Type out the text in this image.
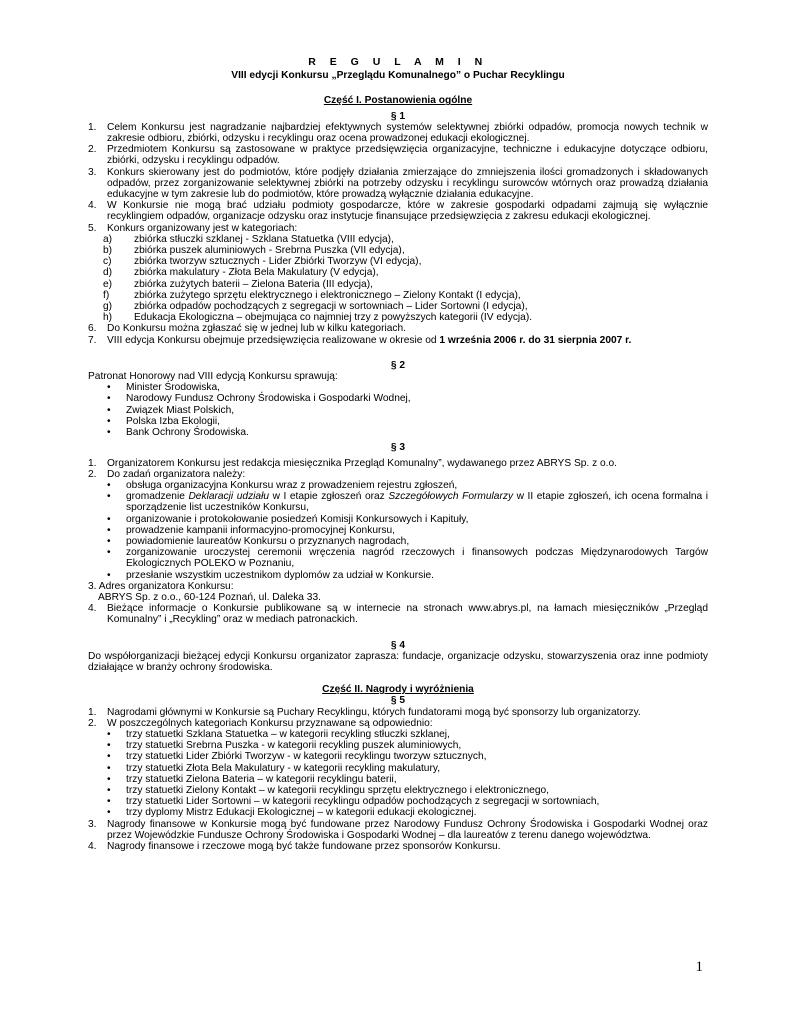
R E G U L A M I N
VIII edycji Konkursu „Przeglądu Komunalnego” o Puchar Recyklingu
Część I. Postanowienia ogólne
§ 1
1. Celem Konkursu jest nagradzanie najbardziej efektywnych systemów selektywnej zbiórki odpadów, promocja nowych technik w zakresie odbioru, zbiórki, odzysku i recyklingu oraz ocena prowadzonej edukacji ekologicznej.
2. Przedmiotem Konkursu są zastosowane w praktyce przedsięwzięcia organizacyjne, techniczne i edukacyjne dotyczące odbioru, zbiórki, odzysku i recyklingu odpadów.
3. Konkurs skierowany jest do podmiotów, które podjęły działania zmierzające do zmniejszenia ilości gromadzonych i składowanych odpadów, przez zorganizowanie selektywnej zbiórki na potrzeby odzysku i recyklingu surowców wtórnych oraz prowadzą działania edukacyjne w tym zakresie lub do podmiotów, które prowadzą wyłącznie działania edukacyjne.
4. W Konkursie nie mogą brać udziału podmioty gospodarcze, które w zakresie gospodarki odpadami zajmują się wyłącznie recyklingiem odpadów, organizacje odzysku oraz instytucje finansujące przedsięwzięcia z zakresu edukacji ekologicznej.
5. Konkurs organizowany jest w kategoriach:
a) zbiórka stłuczki szklanej - Szklana Statuetka (VIII edycja),
b) zbiórka puszek aluminiowych - Srebrna Puszka (VII edycja),
c) zbiórka tworzyw sztucznych - Lider Zbiórki Tworzyw (VI edycja),
d) zbiórka makulatury - Złota Bela Makulatury (V edycja),
e) zbiórka zużytych baterii – Zielona Bateria (III edycja),
f) zbiórka zużytego sprzętu elektrycznego i elektronicznego – Zielony Kontakt (I edycja),
g) zbiórka odpadów pochodzących z segregacji w sortowniach – Lider Sortowni (I edycja),
h) Edukacja Ekologiczna – obejmująca co najmniej trzy z powyższych kategorii (IV edycja).
6. Do Konkursu można zgłaszać się w jednej lub w kilku kategoriach.
7. VIII edycja Konkursu obejmuje przedsięwzięcia realizowane w okresie od 1 września 2006 r. do 31 sierpnia 2007 r.
§ 2
Patronat Honorowy nad VIII edycją Konkursu sprawują:
• Minister Środowiska,
• Narodowy Fundusz Ochrony Środowiska i Gospodarki Wodnej,
• Związek Miast Polskich,
• Polska Izba Ekologii,
• Bank Ochrony Środowiska.
§ 3
1. Organizatorem Konkursu jest redakcja miesięcznika Przegląd Komunalny”, wydawanego przez ABRYS Sp. z o.o.
2. Do zadań organizatora należy:
• obsługa organizacyjna Konkursu wraz z prowadzeniem rejestru zgłoszeń,
• gromadzenie Deklaracji udziału w I etapie zgłoszeń oraz Szczegółowych Formularzy w II etapie zgłoszeń, ich ocena formalna i sporządzenie list uczestników Konkursu,
• organizowanie i protokołowanie posiedzeń Komisji Konkursowych i Kapituły,
• prowadzenie kampanii informacyjno-promocyjnej Konkursu,
• powiadomienie laureatów Konkursu o przyznanych nagrodach,
• zorganizowanie uroczystej ceremonii wręczenia nagród rzeczowych i finansowych podczas Międzynarodowych Targów Ekologicznych POLEKO w Poznaniu,
• przesłanie wszystkim uczestnikom dyplomów za udział w Konkursie.
3. Adres organizatora Konkursu:
ABRYS Sp. z o.o., 60-124 Poznań, ul. Daleka 33.
4. Bieżące informacje o Konkursie publikowane są w internecie na stronach www.abrys.pl, na łamach miesięczników „Przegląd Komunalny” i „Recykling” oraz w mediach patronackich.
§ 4
Do współorganizacji bieżącej edycji Konkursu organizator zaprasza: fundacje, organizacje odzysku, stowarzyszenia oraz inne podmioty działające w branży ochrony środowiska.
Część II. Nagrody i wyróżnienia
§ 5
1. Nagrodami głównymi w Konkursie są Puchary Recyklingu, których fundatorami mogą być sponsorzy lub organizatorzy.
2. W poszczególnych kategoriach Konkursu przyznawane są odpowiednio:
• trzy statuetki Szklana Statuetka – w kategorii recykling stłuczki szklanej,
• trzy statuetki Srebrna Puszka - w kategorii recykling puszek aluminiowych,
• trzy statuetki Lider Zbiórki Tworzyw - w kategorii recyklingu tworzyw sztucznych,
• trzy statuetki Złota Bela Makulatury - w kategorii recykling makulatury,
• trzy statuetki Zielona Bateria – w kategorii recyklingu baterii,
• trzy statuetki Zielony Kontakt – w kategorii recyklingu sprzętu elektrycznego i elektronicznego,
• trzy statuetki Lider Sortowni – w kategorii recyklingu odpadów pochodzących z segregacji w sortowniach,
• trzy dyplomy Mistrz Edukacji Ekologicznej – w kategorii edukacji ekologicznej.
3. Nagrody finansowe w Konkursie mogą być fundowane przez Narodowy Fundusz Ochrony Środowiska i Gospodarki Wodnej oraz przez Wojewódzkie Fundusze Ochrony Środowiska i Gospodarki Wodnej – dla laureatów z terenu danego województwa.
4. Nagrody finansowe i rzeczowe mogą być także fundowane przez sponsorów Konkursu.
1
